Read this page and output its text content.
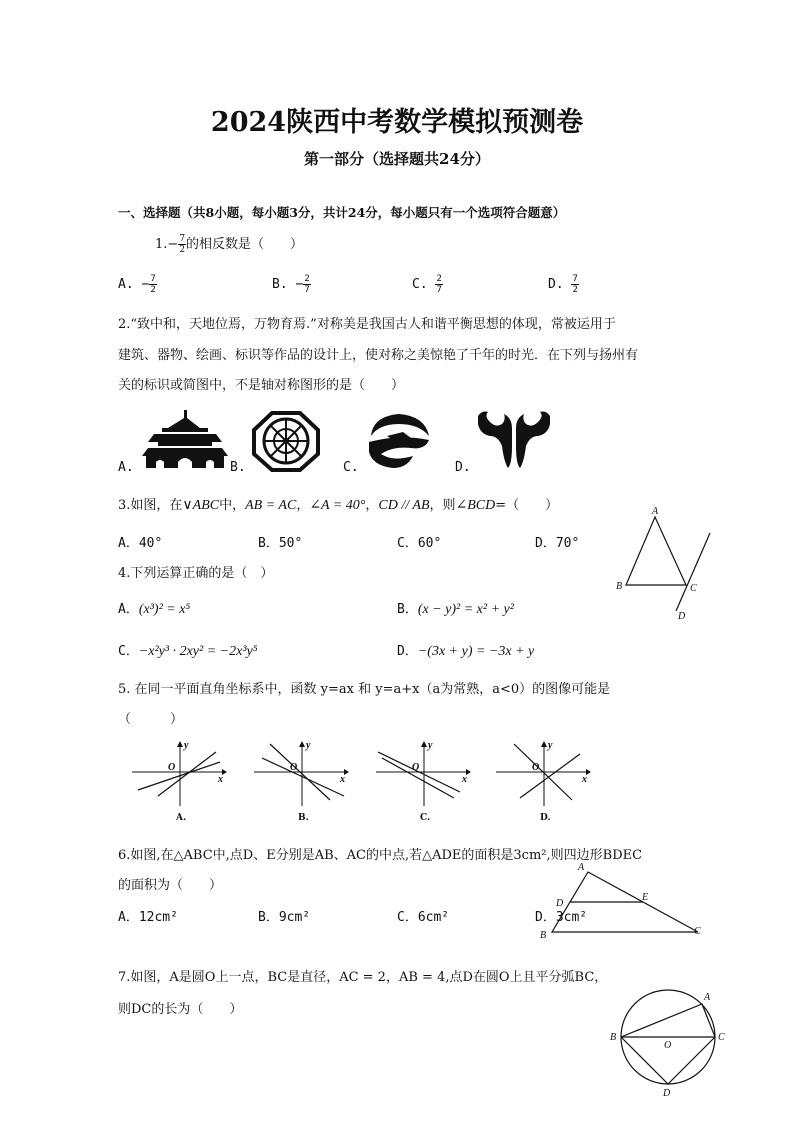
2024陕西中考数学模拟预测卷
第一部分（选择题共24分）
一、选择题（共8小题，每小题3分，共计24分，每小题只有一个选项符合题意）
$1.- \frac{7}{2}$ 的相反数是（　　）
A. − $\frac{7}{2}$	B. − $\frac{2}{7}$	C. $\frac{2}{7}$	D. $\frac{7}{2}$
2.“致中和，天地位焉，万物育焉.”对称美是我国古人和谐平衡思想的体现，常被运用于
建筑、器物、绘画、标识等作品的设计上，使对称之美惊艳了千年的时光．在下列与扬州有
关的标识或简图中，不是轴对称图形的是（　　）
A.	B.	C.	D.
3.如图，在∨ABC中，AB = AC，∠A = 40°，CD // AB，则∠BCD=（　　）
A．40°	B．50°	C．60°	D．70°
A
B	C
D
4.下列运算正确的是（　）
A．(x³)² = x⁵	B．(x − y)² = x² + y²
C．−x²y³ · 2xy² = −2x³y⁵	D．−(3x + y) = −3x + y
5. 在同一平面直角坐标系中，函数 y=ax 和 y=a+x（a为常熟，a<0）的图像可能是
（　　　）
x
y
O
A.
x
y
O
B.
x
y
O
C.
x
y
O
D.
6.如图,在△ABC中,点D、E分别是AB、AC的中点,若△ADE的面积是3cm²,则四边形BDEC
的面积为（　　）
A．12cm²	B．9cm²	C．6cm²	D．3cm²
A
D
E
B	C
7.如图，A是圆O上一点，BC是直径，AC = 2，AB = 4,点D在圆O上且平分弧BC，
则DC的长为（　　）
A
B
O
C
D
